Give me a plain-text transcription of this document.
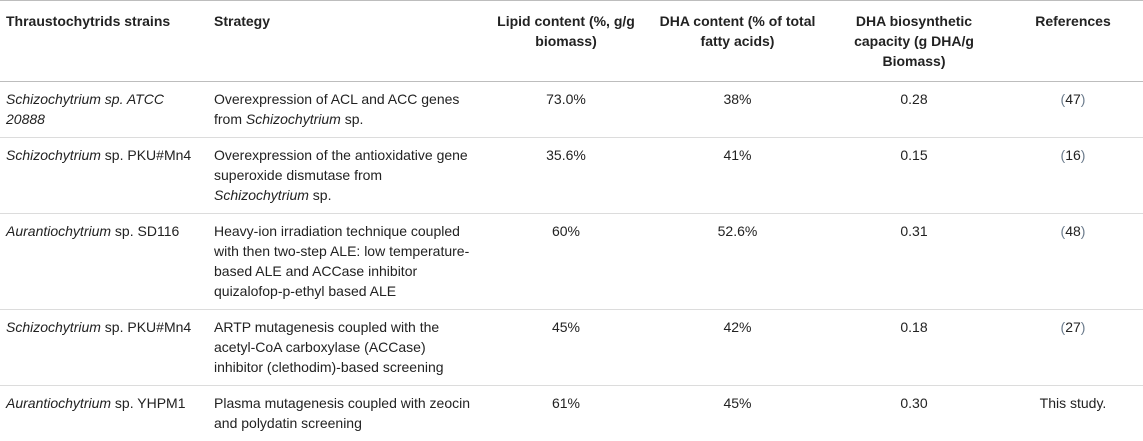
Thraustochytrids strains	Strategy	Lipid content (%, g/g biomass)	DHA content (% of total fatty acids)	DHA biosynthetic capacity (g DHA/g Biomass)	References
Schizochytrium sp. ATCC 20888	Overexpression of ACL and ACC genes from Schizochytrium sp.	73.0%	38%	0.28	(47)
Schizochytrium sp. PKU#Mn4	Overexpression of the antioxidative gene superoxide dismutase from Schizochytrium sp.	35.6%	41%	0.15	(16)
Aurantiochytrium sp. SD116	Heavy-ion irradiation technique coupled with then two-step ALE: low temperature-based ALE and ACCase inhibitor quizalofop-p-ethyl based ALE	60%	52.6%	0.31	(48)
Schizochytrium sp. PKU#Mn4	ARTP mutagenesis coupled with the acetyl-CoA carboxylase (ACCase) inhibitor (clethodim)-based screening	45%	42%	0.18	(27)
Aurantiochytrium sp. YHPM1	Plasma mutagenesis coupled with zeocin and polydatin screening	61%	45%	0.30	This study.
